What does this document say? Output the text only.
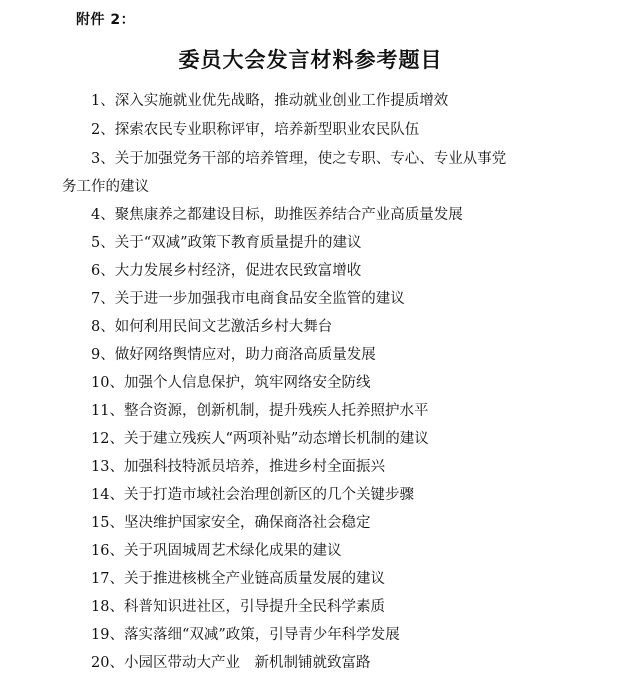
附件 2：
委员大会发言材料参考题目
1、深入实施就业优先战略，推动就业创业工作提质增效
2、探索农民专业职称评审，培养新型职业农民队伍
3、关于加强党务干部的培养管理，使之专职、专心、专业从事党
务工作的建议
4、聚焦康养之都建设目标，助推医养结合产业高质量发展
5、关于“双减”政策下教育质量提升的建议
6、大力发展乡村经济，促进农民致富增收
7、关于进一步加强我市电商食品安全监管的建议
8、如何利用民间文艺激活乡村大舞台
9、做好网络舆情应对，助力商洛高质量发展
10、加强个人信息保护，筑牢网络安全防线
11、整合资源，创新机制，提升残疾人托养照护水平
12、关于建立残疾人“两项补贴”动态增长机制的建议
13、加强科技特派员培养，推进乡村全面振兴
14、关于打造市域社会治理创新区的几个关键步骤
15、坚决维护国家安全，确保商洛社会稳定
16、关于巩固城周艺术绿化成果的建议
17、关于推进核桃全产业链高质量发展的建议
18、科普知识进社区，引导提升全民科学素质
19、落实落细“双减”政策，引导青少年科学发展
20、小园区带动大产业　新机制铺就致富路
